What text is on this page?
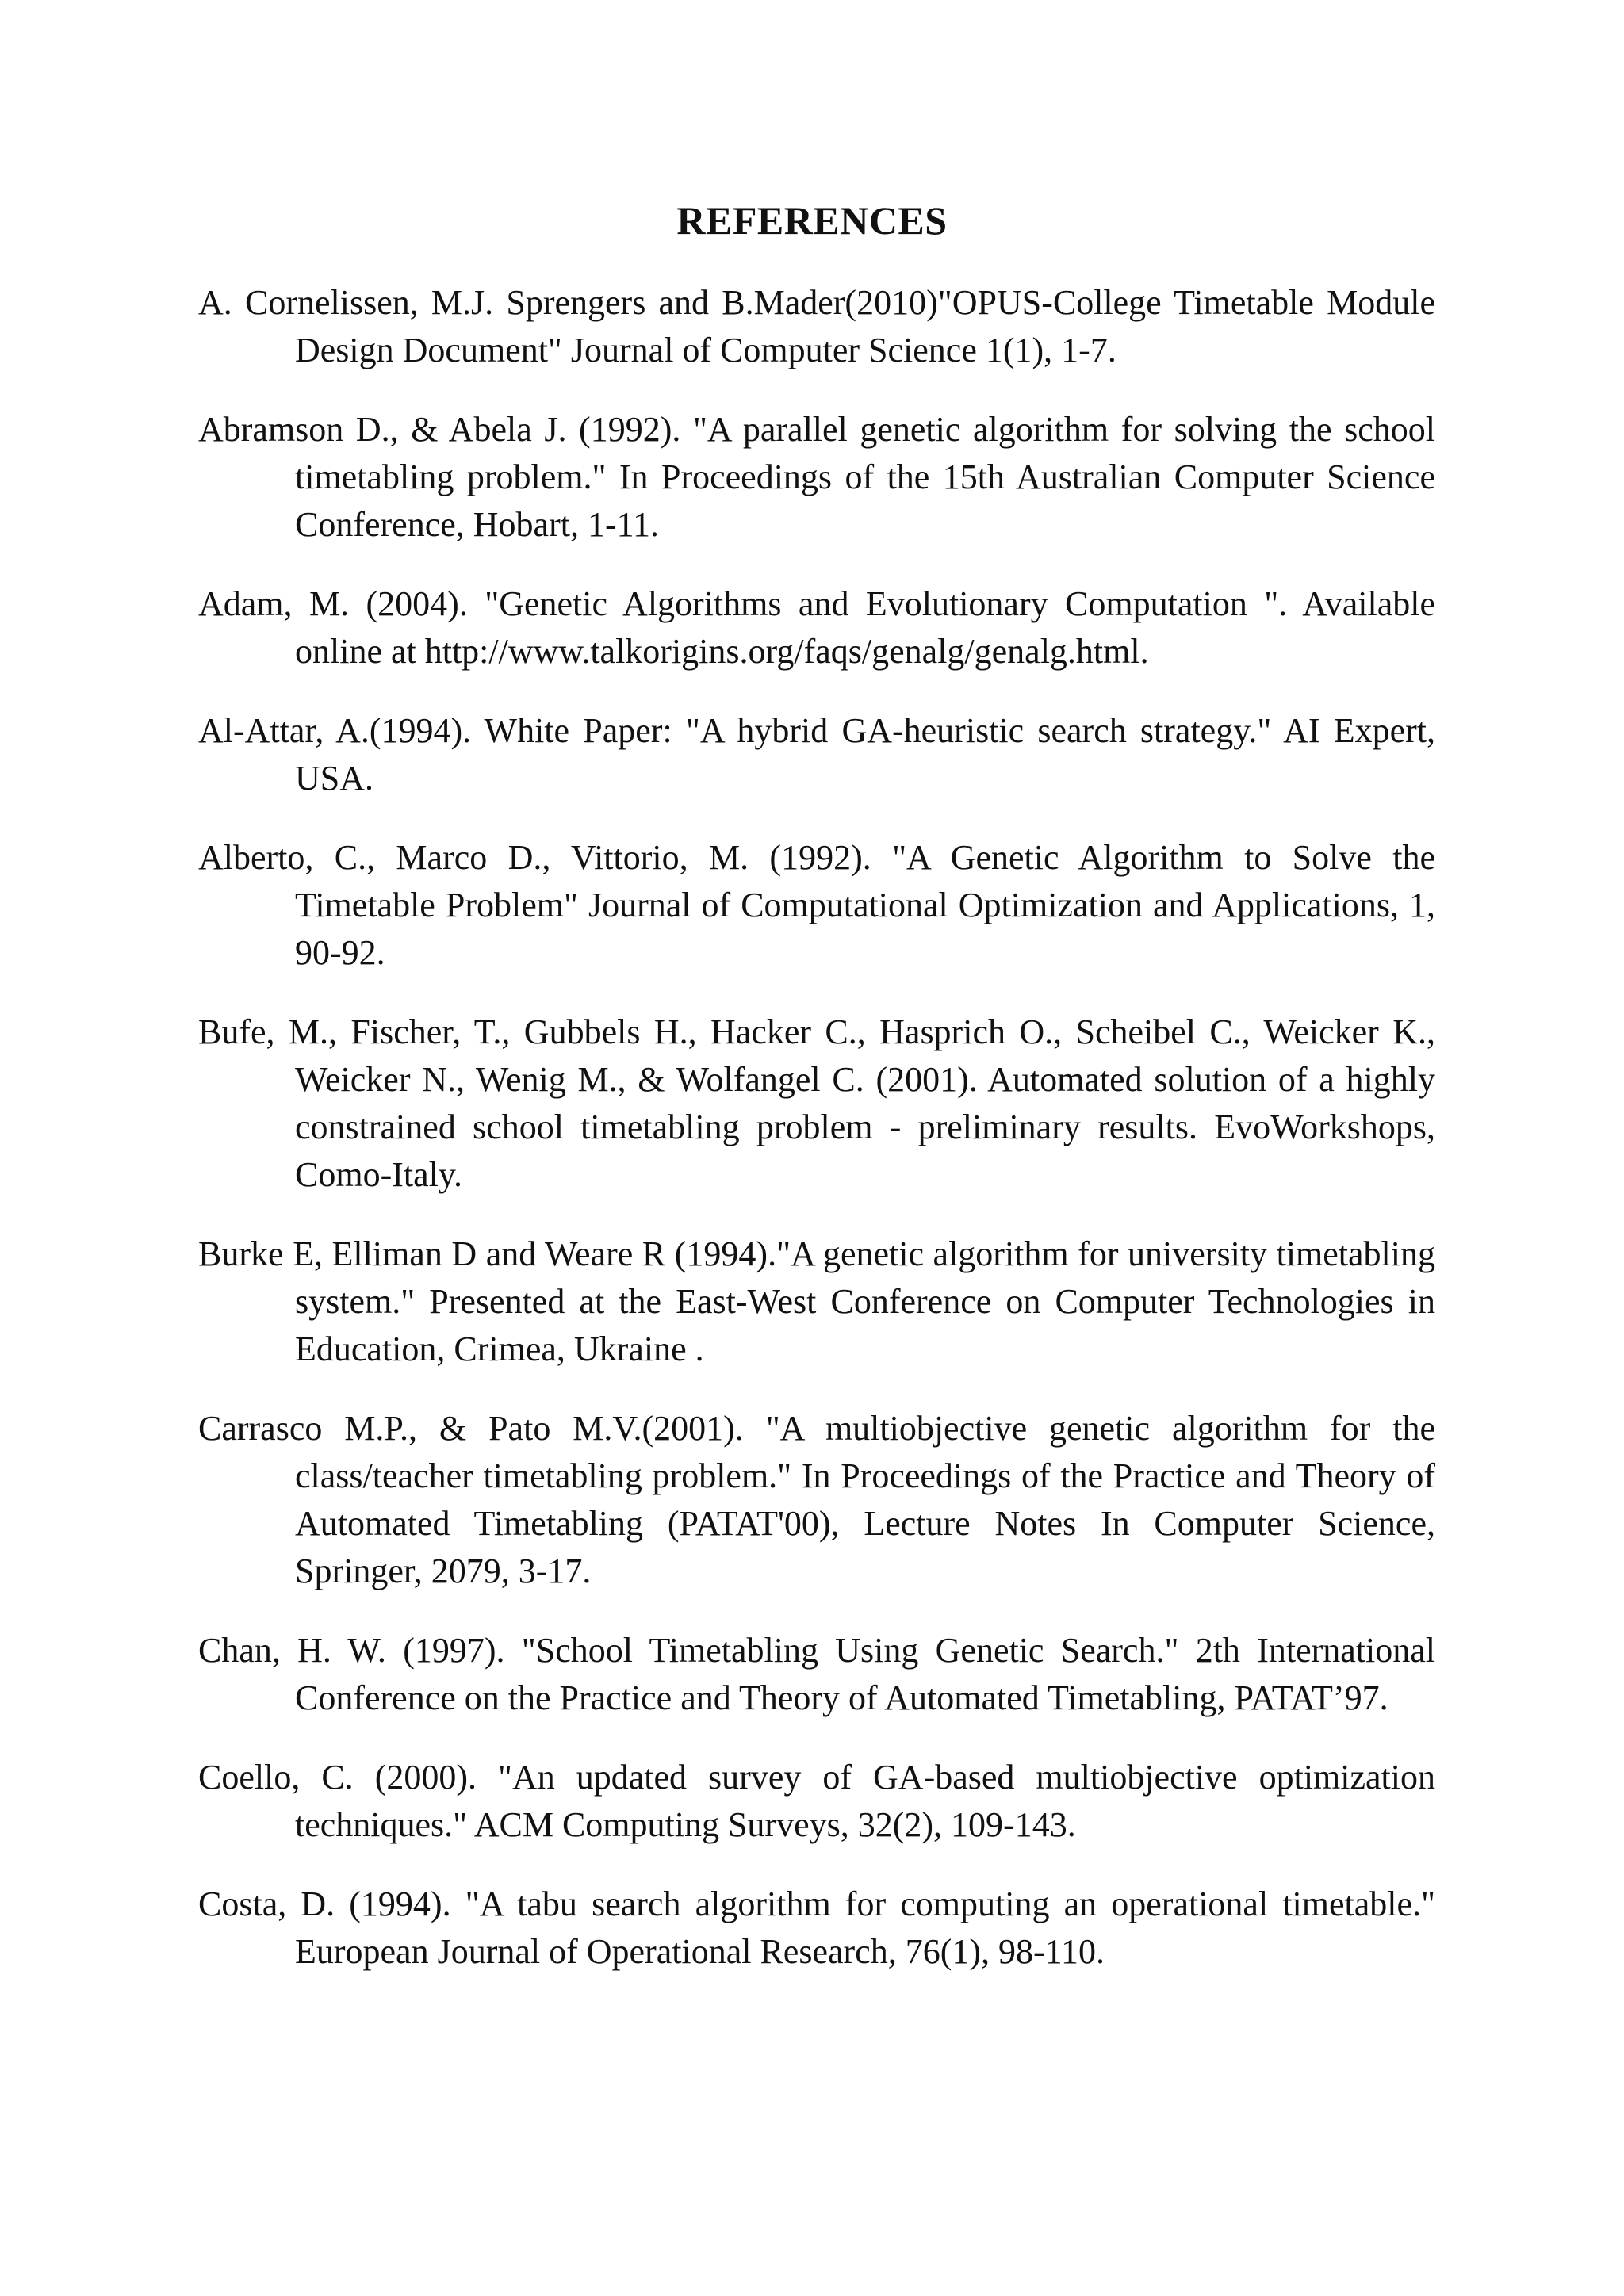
REFERENCES

A. Cornelissen, M.J. Sprengers and B.Mader(2010)"OPUS-College Timetable Module Design Document" Journal of Computer Science 1(1), 1-7.

Abramson D., & Abela J. (1992). "A parallel genetic algorithm for solving the school timetabling problem." In Proceedings of the 15th Australian Computer Science Conference, Hobart, 1-11.

Adam, M. (2004). "Genetic Algorithms and Evolutionary Computation ". Available online at http://www.talkorigins.org/faqs/genalg/genalg.html.

Al-Attar, A.(1994). White Paper: "A hybrid GA-heuristic search strategy." AI Expert, USA.

Alberto, C., Marco D., Vittorio, M. (1992). "A Genetic Algorithm to Solve the Timetable Problem" Journal of Computational Optimization and Applications, 1, 90-92.

Bufe, M., Fischer, T., Gubbels H., Hacker C., Hasprich O., Scheibel C., Weicker K., Weicker N., Wenig M., & Wolfangel C. (2001). Automated solution of a highly constrained school timetabling problem - preliminary results. EvoWorkshops, Como-Italy.

Burke E, Elliman D and Weare R (1994)."A genetic algorithm for university timetabling system." Presented at the East-West Conference on Computer Technologies in Education, Crimea, Ukraine .

Carrasco M.P., & Pato M.V.(2001). "A multiobjective genetic algorithm for the class/teacher timetabling problem." In Proceedings of the Practice and Theory of Automated Timetabling (PATAT'00), Lecture Notes In Computer Science, Springer, 2079, 3-17.

Chan, H. W. (1997). "School Timetabling Using Genetic Search." 2th International Conference on the Practice and Theory of Automated Timetabling, PATAT’97.

Coello, C. (2000). "An updated survey of GA-based multiobjective optimization techniques." ACM Computing Surveys, 32(2), 109-143.

Costa, D. (1994). "A tabu search algorithm for computing an operational timetable." European Journal of Operational Research, 76(1), 98-110.
